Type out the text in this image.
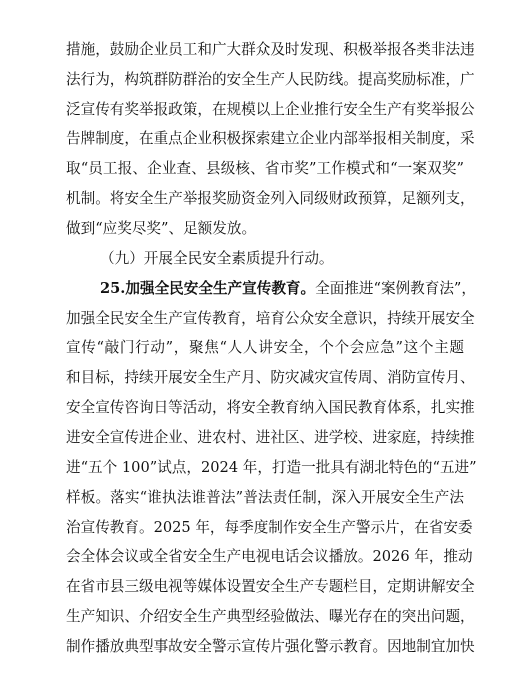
措施，鼓励企业员工和广大群众及时发现、积极举报各类非法违
法行为，构筑群防群治的安全生产人民防线。提高奖励标准，广
泛宣传有奖举报政策，在规模以上企业推行安全生产有奖举报公
告牌制度，在重点企业积极探索建立企业内部举报相关制度，采
取“员工报、企业查、县级核、省市奖”工作模式和“一案双奖”
机制。将安全生产举报奖励资金列入同级财政预算，足额列支，
做到“应奖尽奖”、足额发放。
（九）开展全民安全素质提升行动。
25.加强全民安全生产宣传教育。全面推进“案例教育法”，
加强全民安全生产宣传教育，培育公众安全意识，持续开展安全
宣传“敲门行动”，聚焦“人人讲安全，个个会应急”这个主题
和目标，持续开展安全生产月、防灾减灾宣传周、消防宣传月、
安全宣传咨询日等活动，将安全教育纳入国民教育体系，扎实推
进安全宣传进企业、进农村、进社区、进学校、进家庭，持续推
进“五个 100”试点，2024 年，打造一批具有湖北特色的“五进”
样板。落实“谁执法谁普法”普法责任制，深入开展安全生产法
治宣传教育。2025 年，每季度制作安全生产警示片，在省安委
会全体会议或全省安全生产电视电话会议播放。2026 年，推动
在省市县三级电视等媒体设置安全生产专题栏目，定期讲解安全
生产知识、介绍安全生产典型经验做法、曝光存在的突出问题，
制作播放典型事故安全警示宣传片强化警示教育。因地制宜加快
